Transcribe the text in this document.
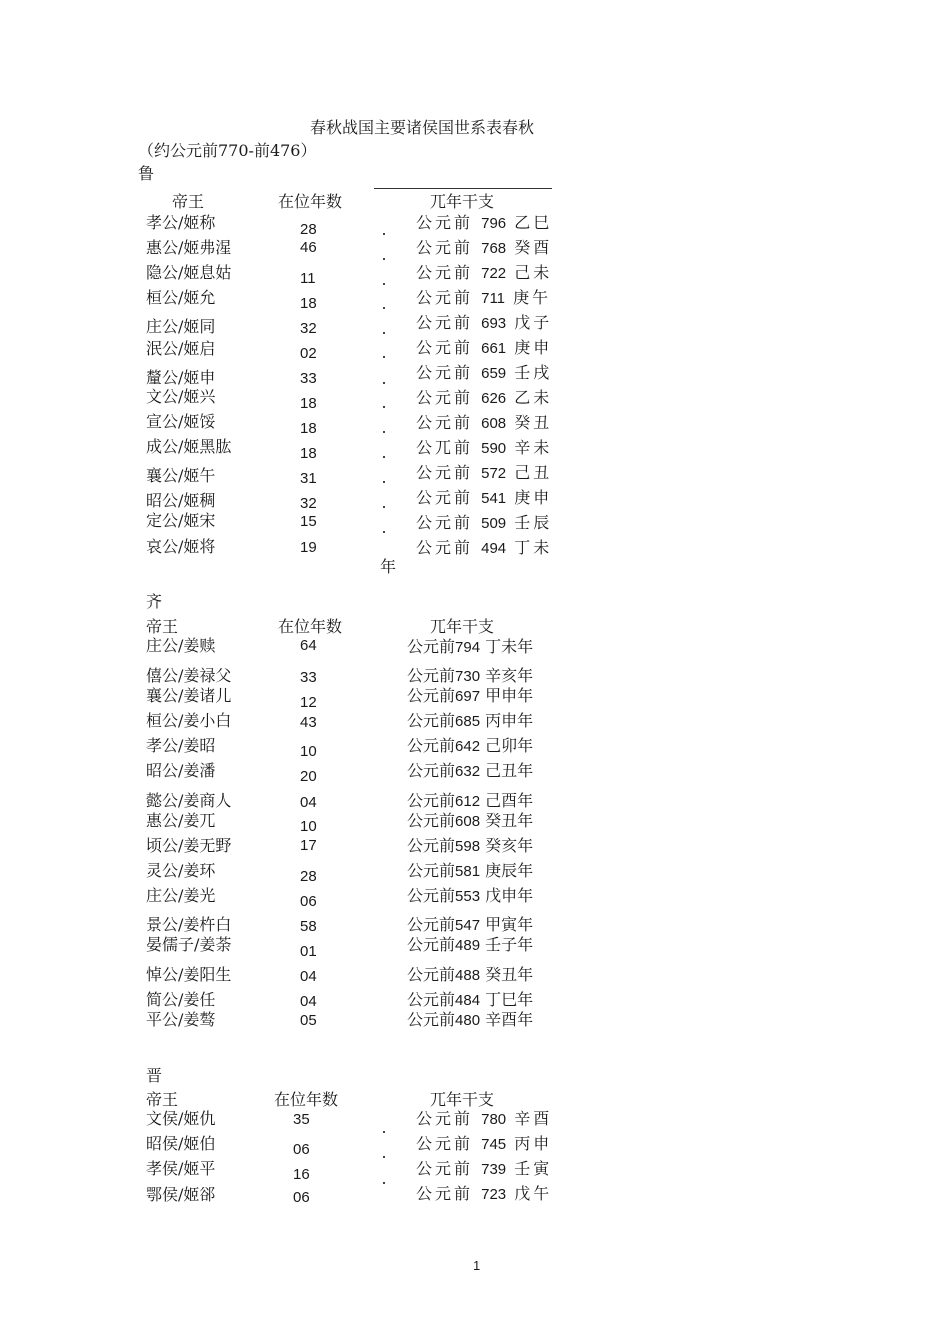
春秋战国主要诸侯国世系表春秋
（约公元前770-前476）
鲁
帝王	在位年数	兀年干支
孝公/姬称	28	公元前 796 乙巳
惠公/姬弗湦	46	公元前 768 癸酉
隐公/姬息姑	11	公元前 722 己未
桓公/姬允	18	公元前 711 庚午
庄公/姬同	32	公元前 693 戊子
泯公/姬启	02	公元前 661 庚申
釐公/姬申	33	公元前 659 壬戌
文公/姬兴	18	公元前 626 乙未
宣公/姬馁	18	公元前 608 癸丑
成公/姬黑肱	18	公兀前 590 辛未
襄公/姬午	31	公元前 572 己丑
昭公/姬稠	32	公元前 541 庚申
定公/姬宋	15	公元前 509 壬辰
哀公/姬将	19	公元前 494 丁未
年
齐
帝王	在位年数	兀年干支
庄公/姜赎	64	公元前794 丁未年
僖公/姜禄父	33	公元前730 辛亥年
襄公/姜诸儿	12	公元前697 甲申年
桓公/姜小白	43	公元前685 丙申年
孝公/姜昭	10	公元前642 己卯年
昭公/姜潘	20	公元前632 己丑年
懿公/姜商人	04	公元前612 己酉年
惠公/姜兀	10	公元前608 癸丑年
顷公/姜无野	17	公元前598 癸亥年
灵公/姜环	28	公元前581 庚辰年
庄公/姜光	06	公元前553 戊申年
景公/姜杵白	58	公元前547 甲寅年
晏儒子/姜荼	01	公元前489 壬子年
悼公/姜阳生	04	公元前488 癸丑年
简公/姜任	04	公元前484 丁巳年
平公/姜骜	05	公元前480 辛酉年
晋
帝王	在位年数	兀年干支
文侯/姬仇	35	公元前 780 辛酉
昭侯/姬伯	06	公元前 745 丙申
孝侯/姬平	16	公元前 739 壬寅
鄂侯/姬郤	06	公元前 723 戊午
1
